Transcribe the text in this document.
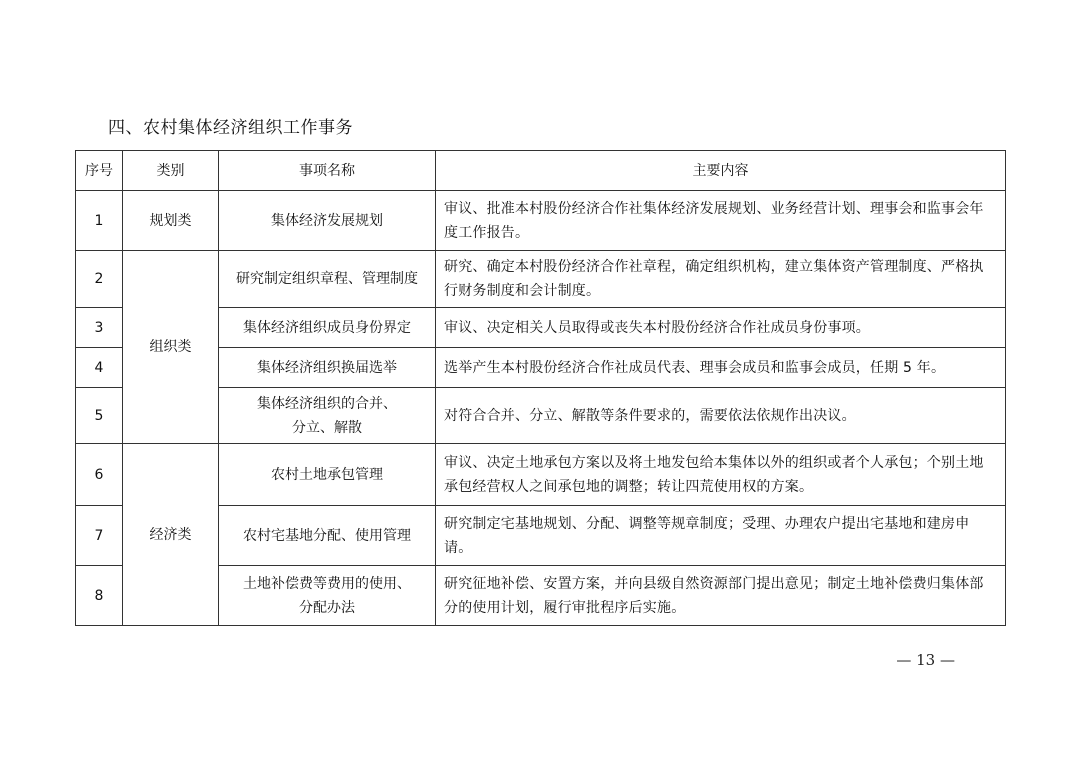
四、农村集体经济组织工作事务
序号	类别	事项名称	主要内容
1	规划类	集体经济发展规划	审议、批准本村股份经济合作社集体经济发展规划、业务经营计划、理事会和监事会年度工作报告。
2	组织类	研究制定组织章程、管理制度	研究、确定本村股份经济合作社章程，确定组织机构，建立集体资产管理制度、严格执行财务制度和会计制度。
3		集体经济组织成员身份界定	审议、决定相关人员取得或丧失本村股份经济合作社成员身份事项。
4		集体经济组织换届选举	选举产生本村股份经济合作社成员代表、理事会成员和监事会成员，任期 5 年。
5		集体经济组织的合并、
分立、解散	对符合合并、分立、解散等条件要求的，需要依法依规作出决议。
6	经济类	农村土地承包管理	审议、决定土地承包方案以及将土地发包给本集体以外的组织或者个人承包；个别土地承包经营权人之间承包地的调整；转让四荒使用权的方案。
7		农村宅基地分配、使用管理	研究制定宅基地规划、分配、调整等规章制度；受理、办理农户提出宅基地和建房申请。
8		土地补偿费等费用的使用、
分配办法	研究征地补偿、安置方案，并向县级自然资源部门提出意见；制定土地补偿费归集体部分的使用计划，履行审批程序后实施。
— 13 —
